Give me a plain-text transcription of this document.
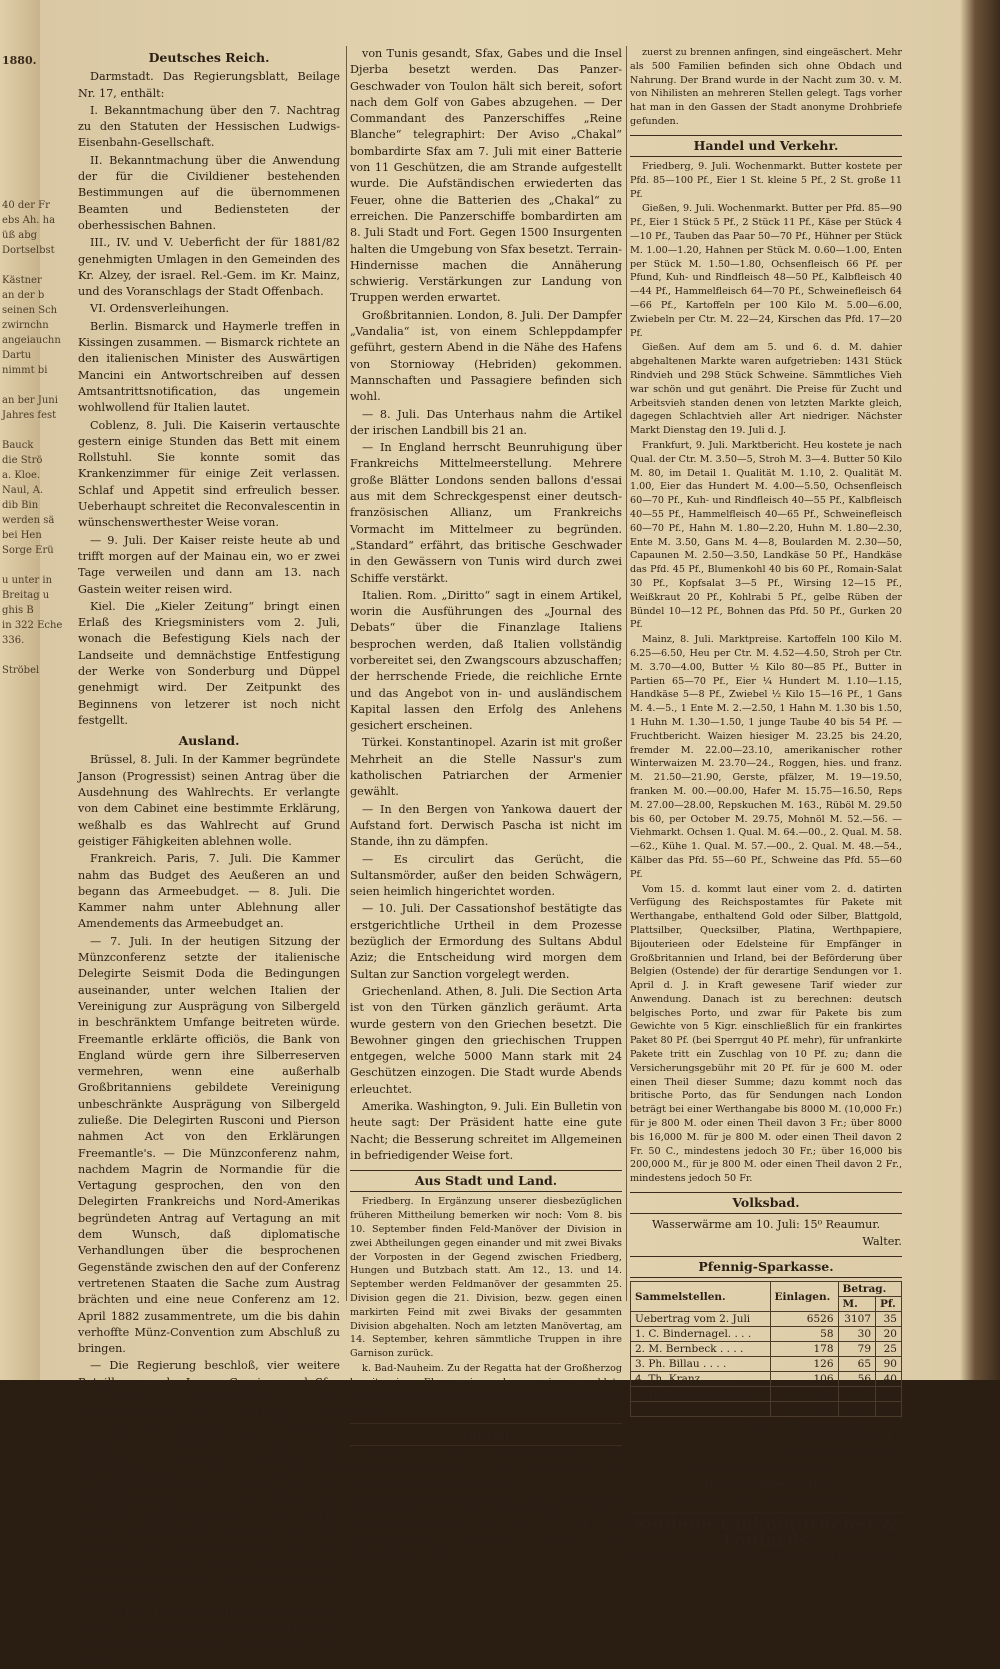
1880.
40 der Fr
ebs Ah. ha
üß abg
Dortselbst
Kästner
an der b
seinen Sch
zwirnchn
angeiauchn
Dartu
nimmt bi
an ber Juni
Jahres fest
Bauck
die Strö
a. Kloe.
Naul, A.
dib Bin
werden sä
bei Hen
Sorge Erü
u unter in
Breitag u
ghis B
in 322 Eche
336.
Ströbel
Deutsches Reich.

Darmstadt. Das Regierungsblatt, Beilage Nr. 17, enthält:

I. Bekanntmachung über den 7. Nachtrag zu den Statuten der Hessischen Ludwigs-Eisenbahn-Gesellschaft.

II. Bekanntmachung über die Anwendung der für die Civildiener bestehenden Bestimmungen auf die übernommenen Beamten und Bediensteten der oberhessischen Bahnen.

III., IV. und V. Ueberficht der für 1881/82 genehmigten Umlagen in den Gemeinden des Kr. Alzey, der israel. Rel.-Gem. im Kr. Mainz, und des Voranschlags der Stadt Offenbach.

VI. Ordensverleihungen.

Berlin. Bismarck und Haymerle treffen in Kissingen zusammen. — Bismarck richtete an den italienischen Minister des Auswärtigen Mancini ein Antwortschreiben auf dessen Amtsantrittsnotification, das ungemein wohlwollend für Italien lautet.

Coblenz, 8. Juli. Die Kaiserin vertauschte gestern einige Stunden das Bett mit einem Rollstuhl. Sie konnte somit das Krankenzimmer für einige Zeit verlassen. Schlaf und Appetit sind erfreulich besser. Ueberhaupt schreitet die Reconvalescentin in wünschenswerthester Weise voran.

— 9. Juli. Der Kaiser reiste heute ab und trifft morgen auf der Mainau ein, wo er zwei Tage verweilen und dann am 13. nach Gastein weiter reisen wird.

Kiel. Die „Kieler Zeitung“ bringt einen Erlaß des Kriegsministers vom 2. Juli, wonach die Befestigung Kiels nach der Landseite und demnächstige Entfestigung der Werke von Sonderburg und Düppel genehmigt wird. Der Zeitpunkt des Beginnens von letzerer ist noch nicht festgellt.

Ausland.

Brüssel, 8. Juli. In der Kammer begründete Janson (Progressist) seinen Antrag über die Ausdehnung des Wahlrechts. Er verlangte von dem Cabinet eine bestimmte Erklärung, weßhalb es das Wahlrecht auf Grund geistiger Fähigkeiten ablehnen wolle.

Frankreich. Paris, 7. Juli. Die Kammer nahm das Budget des Aeußeren an und begann das Armeebudget. — 8. Juli. Die Kammer nahm unter Ablehnung aller Amendements das Armeebudget an.

— 7. Juli. In der heutigen Sitzung der Münzconferenz setzte der italienische Delegirte Seismit Doda die Bedingungen auseinander, unter welchen Italien der Vereinigung zur Ausprägung von Silbergeld in beschränktem Umfange beitreten würde. Freemantle erklärte officiös, die Bank von England würde gern ihre Silberreserven vermehren, wenn eine außerhalb Großbritanniens gebildete Vereinigung unbeschränkte Ausprägung von Silbergeld zuließe. Die Delegirten Rusconi und Pierson nahmen Act von den Erklärungen Freemantle's. — Die Münzconferenz nahm, nachdem Magrin de Normandie für die Vertagung gesprochen, den von den Delegirten Frankreichs und Nord-Amerikas begründeten Antrag auf Vertagung an mit dem Wunsch, daß diplomatische Verhandlungen über die besprochenen Gegenstände zwischen den auf der Conferenz vertretenen Staaten die Sache zum Austrag brächten und eine neue Conferenz am 12. April 1882 zusammentrete, um die bis dahin verhoffte Münz-Convention zum Abschluß zu bringen.

— Die Regierung beschloß, vier weitere Bataillone von der Lyoner Garnison nach Sfax zu senden. — Marodirende berittene Eingeborene hielten bei Grombella, 30 km von Tunis, eine Karawane an. — Mehrere Stämme im Gebiete von Gabes sind aufständig. — Der „Temps“ tadelt die allzu frühe Rückberufung von einem Theile des Expeditions-Corps. — Aus Oran wird gemeldet: Bu Amema geht mit einer großen Schaar Aufständischer gegen das Tell (Terrasse des Atlas-Gebirges) vor. Der französische General Lewis rückt mit drei Colonnen ihm entgegen. Im Tlemcen-Gebiet herrscht Ruhe.

— 9. Juli. Der Ministerrath berieth heute Morgen die Angelegenheiten von Algier und Tunis. Neue Streitkräfte sollen nach dem Süden

von Tunis gesandt, Sfax, Gabes und die Insel Djerba besetzt werden. Das Panzer-Geschwader von Toulon hält sich bereit, sofort nach dem Golf von Gabes abzugehen. — Der Commandant des Panzerschiffes „Reine Blanche“ telegraphirt: Der Aviso „Chakal“ bombardirte Sfax am 7. Juli mit einer Batterie von 11 Geschützen, die am Strande aufgestellt wurde. Die Aufständischen erwiederten das Feuer, ohne die Batterien des „Chakal“ zu erreichen. Die Panzerschiffe bombardirten am 8. Juli Stadt und Fort. Gegen 1500 Insurgenten halten die Umgebung von Sfax besetzt. Terrain-Hindernisse machen die Annäherung schwierig. Verstärkungen zur Landung von Truppen werden erwartet.

Großbritannien. London, 8. Juli. Der Dampfer „Vandalia“ ist, von einem Schleppdampfer geführt, gestern Abend in die Nähe des Hafens von Stornioway (Hebriden) gekommen. Mannschaften und Passagiere befinden sich wohl.

— 8. Juli. Das Unterhaus nahm die Artikel der irischen Landbill bis 21 an.

— In England herrscht Beunruhigung über Frankreichs Mittelmeerstellung. Mehrere große Blätter Londons senden ballons d'essai aus mit dem Schreckgespenst einer deutsch-französischen Allianz, um Frankreichs Vormacht im Mittelmeer zu begründen. „Standard“ erfährt, das britische Geschwader in den Gewässern von Tunis wird durch zwei Schiffe verstärkt.

Italien. Rom. „Diritto“ sagt in einem Artikel, worin die Ausführungen des „Journal des Debats“ über die Finanzlage Italiens besprochen werden, daß Italien vollständig vorbereitet sei, den Zwangscours abzuschaffen; der herrschende Friede, die reichliche Ernte und das Angebot von in- und ausländischem Kapital lassen den Erfolg des Anlehens gesichert erscheinen.

Türkei. Konstantinopel. Azarin ist mit großer Mehrheit an die Stelle Nassur's zum katholischen Patriarchen der Armenier gewählt.

— In den Bergen von Yankowa dauert der Aufstand fort. Derwisch Pascha ist nicht im Stande, ihn zu dämpfen.

— Es circulirt das Gerücht, die Sultansmörder, außer den beiden Schwägern, seien heimlich hingerichtet worden.

— 10. Juli. Der Cassationshof bestätigte das erstgerichtliche Urtheil in dem Prozesse bezüglich der Ermordung des Sultans Abdul Aziz; die Entscheidung wird morgen dem Sultan zur Sanction vorgelegt werden.

Griechenland. Athen, 8. Juli. Die Section Arta ist von den Türken gänzlich geräumt. Arta wurde gestern von den Griechen besetzt. Die Bewohner gingen den griechischen Truppen entgegen, welche 5000 Mann stark mit 24 Geschützen einzogen. Die Stadt wurde Abends erleuchtet.

Amerika. Washington, 9. Juli. Ein Bulletin von heute sagt: Der Präsident hatte eine gute Nacht; die Besserung schreitet im Allgemeinen in befriedigender Weise fort.

Aus Stadt und Land.

Friedberg. In Ergänzung unserer diesbezüglichen früheren Mittheilung bemerken wir noch: Vom 8. bis 10. September finden Feld-Manöver der Division in zwei Abtheilungen gegen einander und mit zwei Bivaks der Vorposten in der Gegend zwischen Friedberg, Hungen und Butzbach statt. Am 12., 13. und 14. September werden Feldmanöver der gesammten 25. Division gegen die 21. Division, bezw. gegen einen markirten Feind mit zwei Bivaks der gesammten Division abgehalten. Noch am letzten Manövertag, am 14. September, kehren sämmtliche Truppen in ihre Garnison zurück.

k. Bad-Nauheim. Zu der Regatta hat der Großherzog bereits einen Ehrenpreis, und zwar eine vergoldete silberne Fruchtschale an den hiesigen Badecommissär gesandt.

Allerlei.

London, 8. Juli. Der wegen des Mordes auf der Brighton-Eisenbahn am 27. Mai verfolgte Lefroy ist gestern Abend verhaftet worden.

Rußland. Die im Gouvernement Wolhynien gelegene Kreisstadt Rowno ist, wie dem Petersburger „Golos“ aus Kiew telegraphirt wird, am 30. v. M. total niedergebrannt. Sämmtliche Kirchen und Amtsgebäude, welche

zuerst zu brennen anfingen, sind eingeäschert. Mehr als 500 Familien befinden sich ohne Obdach und Nahrung. Der Brand wurde in der Nacht zum 30. v. M. von Nihilisten an mehreren Stellen gelegt. Tags vorher hat man in den Gassen der Stadt anonyme Drohbriefe gefunden.

Handel und Verkehr.

Friedberg, 9. Juli. Wochenmarkt. Butter kostete per Pfd. 85—100 Pf., Eier 1 St. kleine 5 Pf., 2 St. große 11 Pf.

Gießen, 9. Juli. Wochenmarkt. Butter per Pfd. 85—90 Pf., Eier 1 Stück 5 Pf., 2 Stück 11 Pf., Käse per Stück 4—10 Pf., Tauben das Paar 50—70 Pf., Hühner per Stück M. 1.00—1.20, Hahnen per Stück M. 0.60—1.00, Enten per Stück M. 1.50—1.80, Ochsenfleisch 66 Pf. per Pfund, Kuh- und Rindfleisch 48—50 Pf., Kalbfleisch 40—44 Pf., Hammelfleisch 64—70 Pf., Schweinefleisch 64—66 Pf., Kartoffeln per 100 Kilo M. 5.00—6.00, Zwiebeln per Ctr. M. 22—24, Kirschen das Pfd. 17—20 Pf.

Gießen. Auf dem am 5. und 6. d. M. dahier abgehaltenen Markte waren aufgetrieben: 1431 Stück Rindvieh und 298 Stück Schweine. Sämmtliches Vieh war schön und gut genährt. Die Preise für Zucht und Arbeitsvieh standen denen von letzten Markte gleich, dagegen Schlachtvieh aller Art niedriger. Nächster Markt Dienstag den 19. Juli d. J.

Frankfurt, 9. Juli. Marktbericht. Heu kostete je nach Qual. der Ctr. M. 3.50—5, Stroh M. 3—4. Butter 50 Kilo M. 80, im Detail 1. Qualität M. 1.10, 2. Qualität M. 1.00, Eier das Hundert M. 4.00—5.50, Ochsenfleisch 60—70 Pf., Kuh- und Rindfleisch 40—55 Pf., Kalbfleisch 40—55 Pf., Hammelfleisch 40—65 Pf., Schweinefleisch 60—70 Pf., Hahn M. 1.80—2.20, Huhn M. 1.80—2.30, Ente M. 3.50, Gans M. 4—8, Boularden M. 2.30—50, Capaunen M. 2.50—3.50, Landkäse 50 Pf., Handkäse das Pfd. 45 Pf., Blumenkohl 40 bis 60 Pf., Romain-Salat 30 Pf., Kopfsalat 3—5 Pf., Wirsing 12—15 Pf., Weißkraut 20 Pf., Kohlrabi 5 Pf., gelbe Rüben der Bündel 10—12 Pf., Bohnen das Pfd. 50 Pf., Gurken 20 Pf.

Mainz, 8. Juli. Marktpreise. Kartoffeln 100 Kilo M. 6.25—6.50, Heu per Ctr. M. 4.52—4.50, Stroh per Ctr. M. 3.70—4.00, Butter ½ Kilo 80—85 Pf., Butter in Partien 65—70 Pf., Eier ¼ Hundert M. 1.10—1.15, Handkäse 5—8 Pf., Zwiebel ½ Kilo 15—16 Pf., 1 Gans M. 4.—5., 1 Ente M. 2.—2.50, 1 Hahn M. 1.30 bis 1.50, 1 Huhn M. 1.30—1.50, 1 junge Taube 40 bis 54 Pf. — Fruchtbericht. Waizen hiesiger M. 23.25 bis 24.20, fremder M. 22.00—23.10, amerikanischer rother Winterwaizen M. 23.70—24., Roggen, hies. und franz. M. 21.50—21.90, Gerste, pfälzer, M. 19—19.50, franken M. 00.—00.00, Hafer M. 15.75—16.50, Reps M. 27.00—28.00, Repskuchen M. 163., Rüböl M. 29.50 bis 60, per October M. 29.75, Mohnöl M. 52.—56. — Viehmarkt. Ochsen 1. Qual. M. 64.—00., 2. Qual. M. 58.—62., Kühe 1. Qual. M. 57.—00., 2. Qual. M. 48.—54., Kälber das Pfd. 55—60 Pf., Schweine das Pfd. 55—60 Pf.

Vom 15. d. kommt laut einer vom 2. d. datirten Verfügung des Reichspostamtes für Pakete mit Werthangabe, enthaltend Gold oder Silber, Blattgold, Plattsilber, Quecksilber, Platina, Werthpapiere, Bijouterieen oder Edelsteine für Empfänger in Großbritannien und Irland, bei der Beförderung über Belgien (Ostende) der für derartige Sendungen vor 1. April d. J. in Kraft gewesene Tarif wieder zur Anwendung. Danach ist zu berechnen: deutsch belgisches Porto, und zwar für Pakete bis zum Gewichte von 5 Kigr. einschließlich für ein frankirtes Paket 80 Pf. (bei Sperrgut 40 Pf. mehr), für unfrankirte Pakete tritt ein Zuschlag von 10 Pf. zu; dann die Versicherungsgebühr mit 20 Pf. für je 600 M. oder einen Theil dieser Summe; dazu kommt noch das britische Porto, das für Sendungen nach London beträgt bei einer Werthangabe bis 8000 M. (10,000 Fr.) für je 800 M. oder einen Theil davon 3 Fr.; über 8000 bis 16,000 M. für je 800 M. oder einen Theil davon 2 Fr. 50 C., mindestens jedoch 30 Fr.; über 16,000 bis 200,000 M., für je 800 M. oder einen Theil davon 2 Fr., mindestens jedoch 50 Fr.

Volksbad.
Wasserwärme am 10. Juli: 15⁰ Reaumur.
Walter.
Pfennig-Sparkasse.
Sammelstellen.	Einlagen.	Betrag.	
		M.	Pf.
Uebertrag vom 2. Juli	6526	3107	35
1. C. Bindernagel. . . .	58	30	20
2. M. Bernbeck . . . .	178	79	25
3. Ph. Billau . . . .	126	65	90
4. Th. Kranz . . . .	106	56	40
5. H. Flaschenträger . .	101	54	45
	7095	3393	55
NB. Uebertrag Einleger 720.
Neue Einleger 12.
Gesammt-Einleger 732.
Friedberg den 9. Juli 1881.
Haupt-Sammelstelle:
Vorschuß- und Credit-Verein, e. G.
Seidene Umknöpftücher & Foulards
252 in den schönsten Farben billigst bei R. Friedrich.
